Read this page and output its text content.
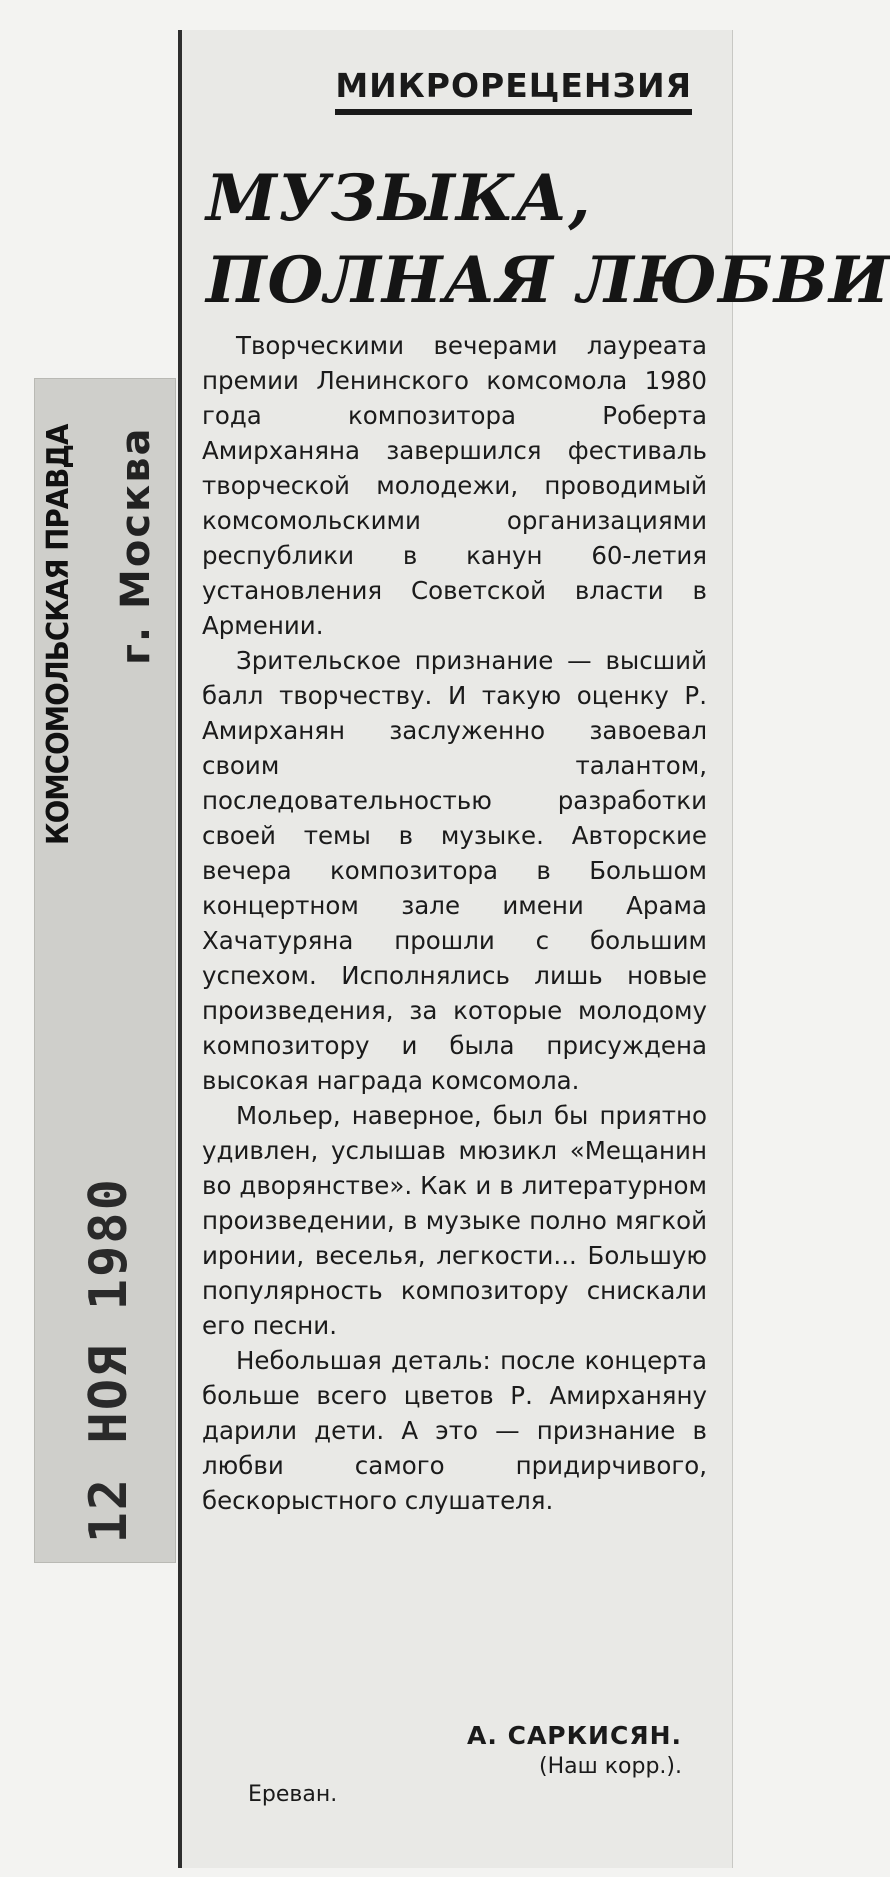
12 НОЯ 1980
КОМСОМОЛЬСКАЯ ПРАВДА г. Москва
МИКРОРЕЦЕНЗИЯ
МУЗЫКА,
ПОЛНАЯ ЛЮБВИ

Творческими вечерами лауреата премии Ленинского комсомола 1980 года композитора Роберта Амирханяна завершился фестиваль творческой молодежи, проводимый комсомольскими организациями республики в канун 60-летия установления Советской власти в Армении.

Зрительское признание — высший балл творчеству. И такую оценку Р. Амирханян заслуженно завоевал своим талантом, последовательностью разработки своей темы в музыке. Авторские вечера композитора в Большом концертном зале имени Арама Хачатуряна прошли с большим успехом. Исполнялись лишь новые произведения, за которые молодому композитору и была присуждена высокая награда комсомола.

Мольер, наверное, был бы приятно удивлен, услышав мюзикл «Мещанин во дворянстве». Как и в литературном произведении, в музыке полно мягкой иронии, веселья, легкости... Большую популярность композитору снискали его песни.

Небольшая деталь: после концерта больше всего цветов Р. Амирханяну дарили дети. А это — признание в любви самого придирчивого, бескорыстного слушателя.

А. САРКИСЯН.
(Наш корр.).
Ереван.
